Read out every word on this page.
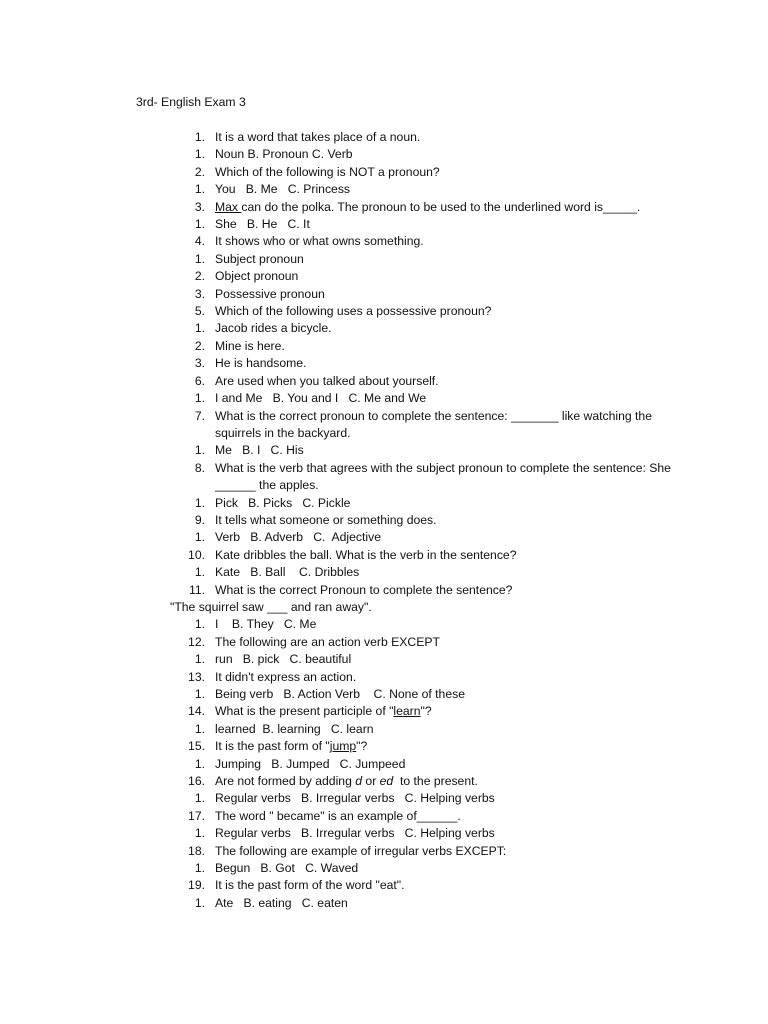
3rd- English Exam 3
1. It is a word that takes place of a noun.
1. Noun B. Pronoun C. Verb
2. Which of the following is NOT a pronoun?
1. You   B. Me   C. Princess
3. Max can do the polka. The pronoun to be used to the underlined word is_____.
1. She   B. He   C. It
4. It shows who or what owns something.
1. Subject pronoun
2. Object pronoun
3. Possessive pronoun
5. Which of the following uses a possessive pronoun?
1. Jacob rides a bicycle.
2. Mine is here.
3. He is handsome.
6. Are used when you talked about yourself.
1. I and Me   B. You and I   C. Me and We
7. What is the correct pronoun to complete the sentence: _______ like watching the squirrels in the backyard.
1. Me   B. I   C. His
8. What is the verb that agrees with the subject pronoun to complete the sentence: She ______ the apples.
1. Pick   B. Picks   C. Pickle
9. It tells what someone or something does.
1. Verb   B. Adverb   C.  Adjective
10. Kate dribbles the ball. What is the verb in the sentence?
1. Kate   B. Ball    C. Dribbles
11. What is the correct Pronoun to complete the sentence?
"The squirrel saw ___ and ran away".
1. I    B. They   C. Me
12. The following are an action verb EXCEPT
1. run   B. pick   C. beautiful
13. It didn't express an action.
1. Being verb   B. Action Verb    C. None of these
14. What is the present participle of "learn"?
1. learned  B. learning   C. learn
15. It is the past form of "jump"?
1. Jumping   B. Jumped   C. Jumpeed
16. Are not formed by adding d or ed  to the present.
1. Regular verbs   B. Irregular verbs   C. Helping verbs
17. The word " became" is an example of______.
1. Regular verbs   B. Irregular verbs   C. Helping verbs
18. The following are example of irregular verbs EXCEPT:
1. Begun   B. Got   C. Waved
19. It is the past form of the word "eat".
1. Ate   B. eating   C. eaten
